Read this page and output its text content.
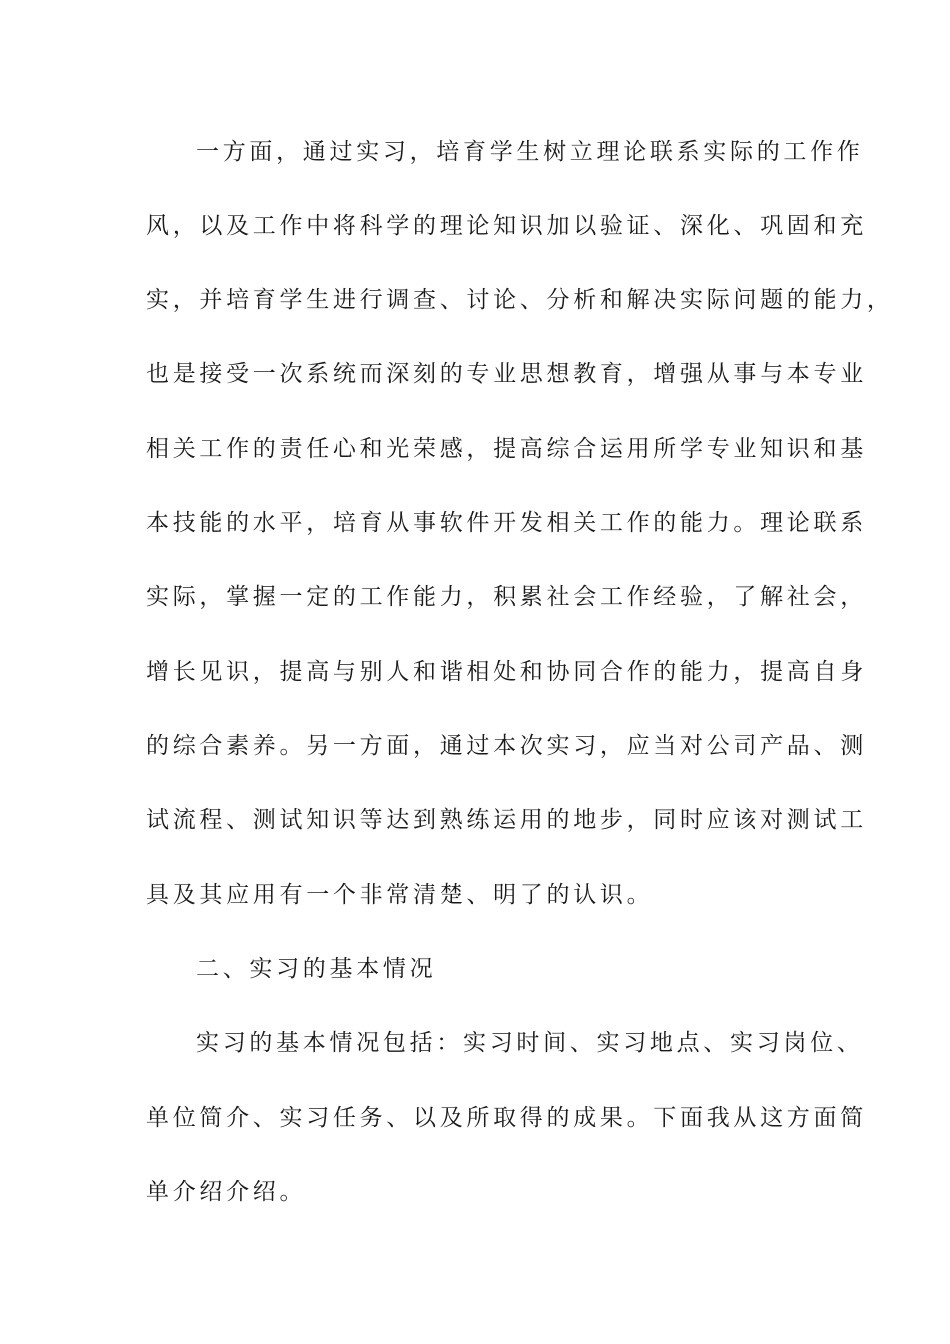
一方面，通过实习，培育学生树立理论联系实际的工作作

风，以及工作中将科学的理论知识加以验证、深化、巩固和充

实，并培育学生进行调查、讨论、分析和解决实际问题的能力，

也是接受一次系统而深刻的专业思想教育，增强从事与本专业

相关工作的责任心和光荣感，提高综合运用所学专业知识和基

本技能的水平，培育从事软件开发相关工作的能力。理论联系

实际，掌握一定的工作能力，积累社会工作经验，了解社会，

增长见识，提高与别人和谐相处和协同合作的能力，提高自身

的综合素养。另一方面，通过本次实习，应当对公司产品、测

试流程、测试知识等达到熟练运用的地步，同时应该对测试工

具及其应用有一个非常清楚、明了的认识。

二、实习的基本情况

实习的基本情况包括：实习时间、实习地点、实习岗位、

单位简介、实习任务、以及所取得的成果。下面我从这方面简

单介绍介绍。
